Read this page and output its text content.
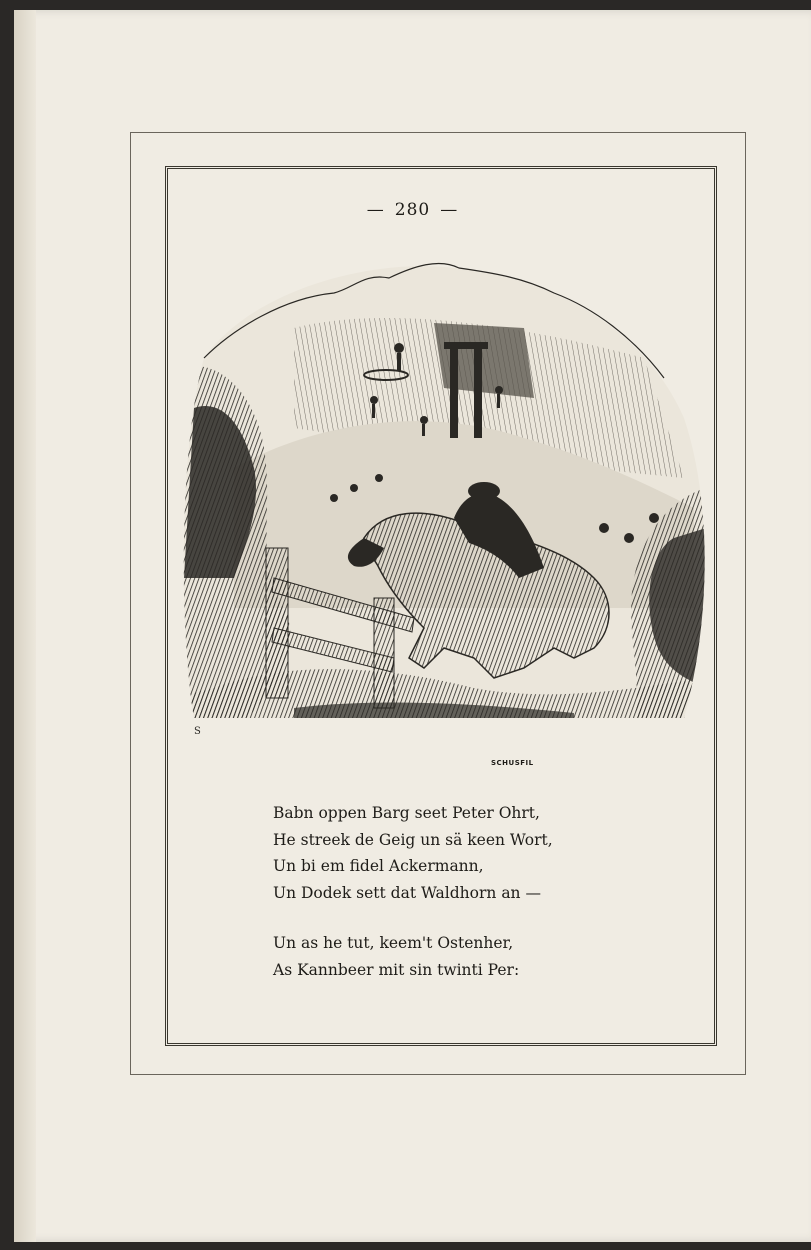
— 280 —
S
SCHUSFIL

Babn oppen Barg seet Peter Ohrt,
He streek de Geig un sä keen Wort,
Un bi em fidel Ackermann,
Un Dodek sett dat Waldhorn an —

Un as he tut, keem't Ostenher,
As Kannbeer mit sin twinti Per:
